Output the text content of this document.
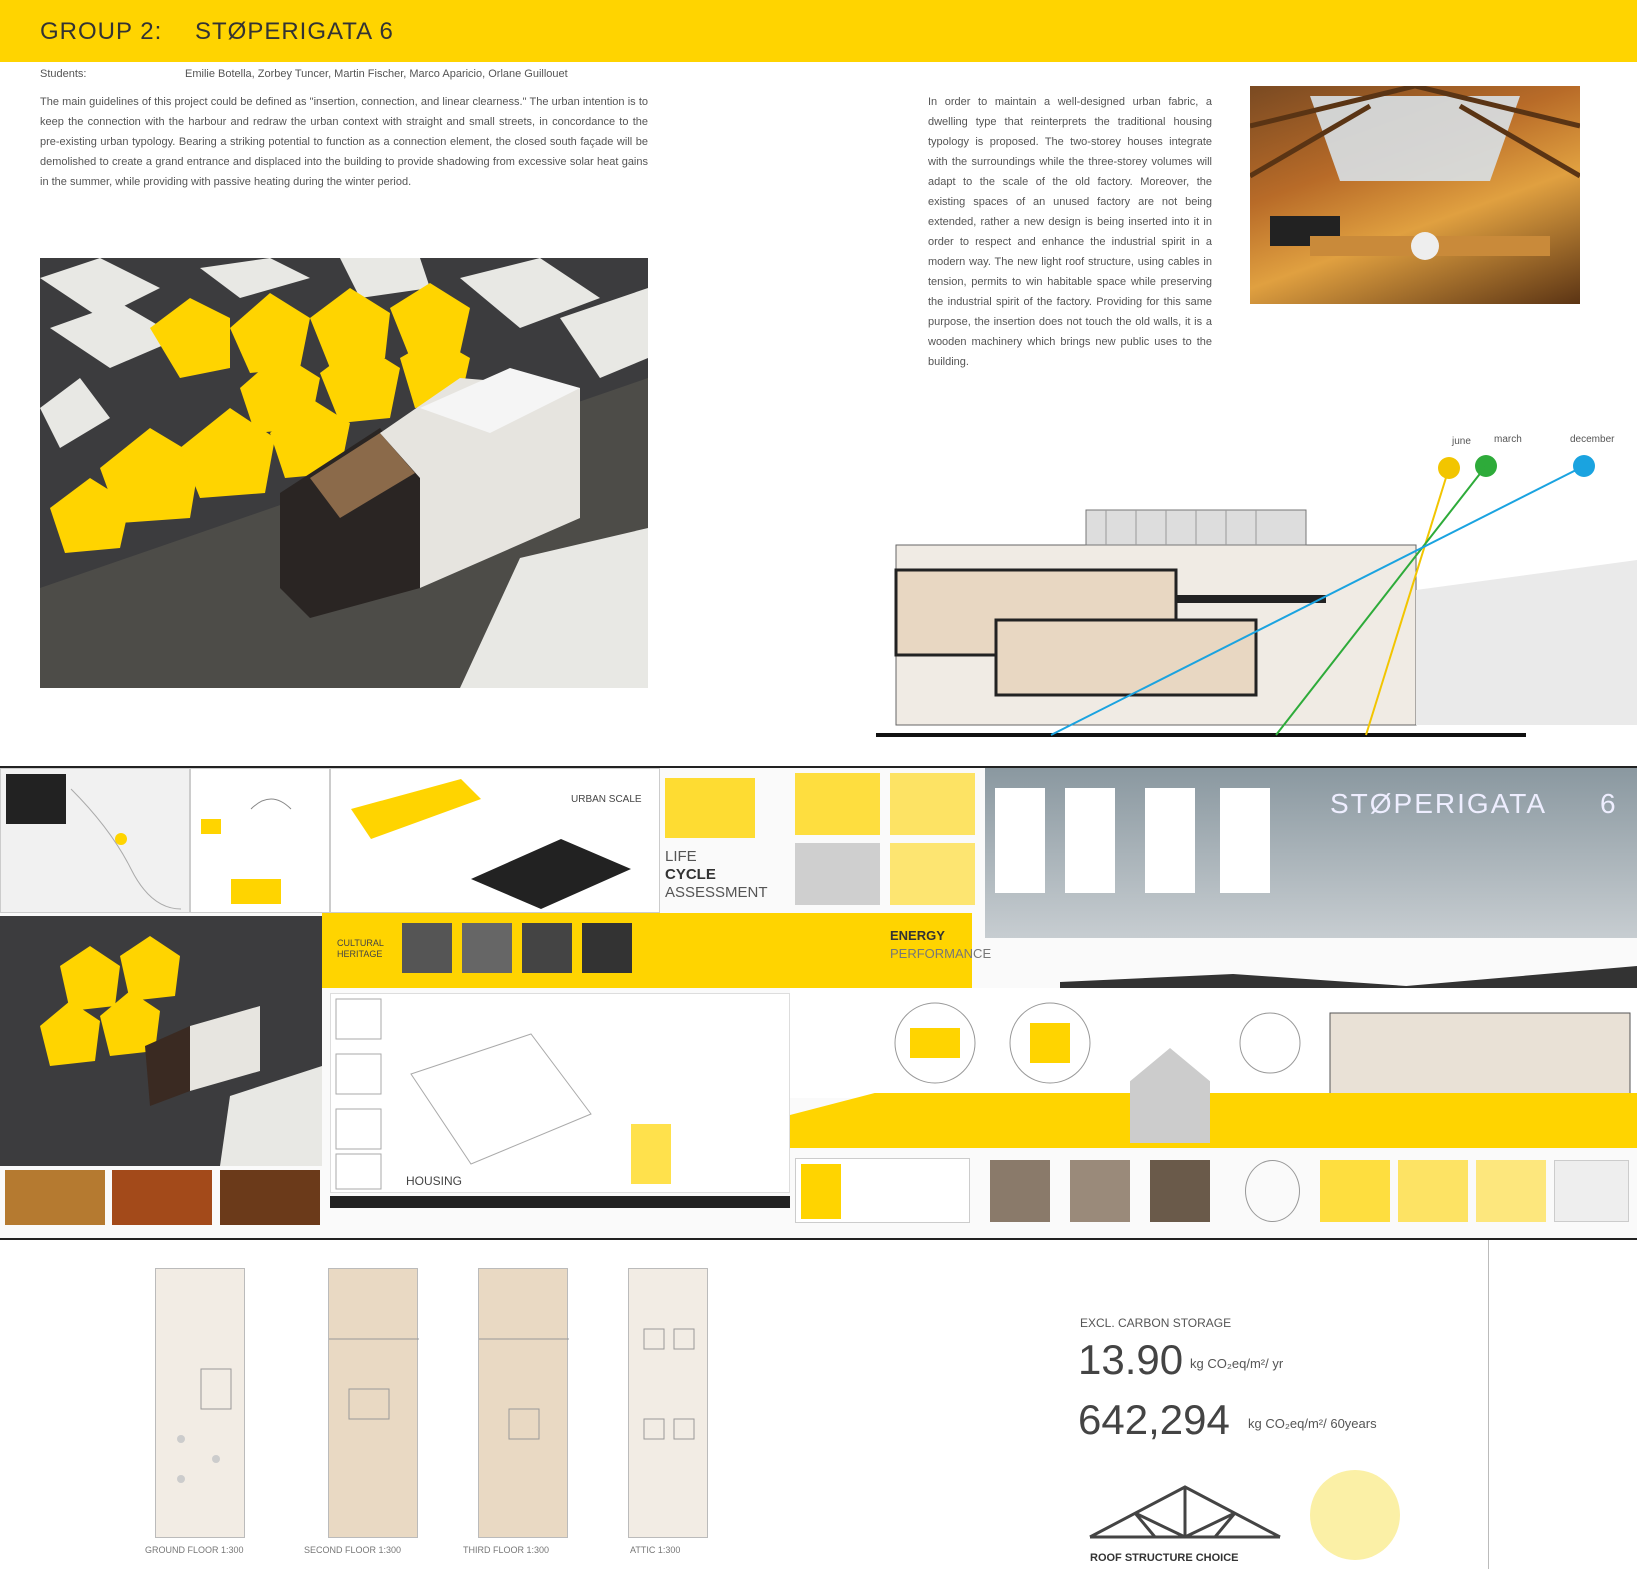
GROUP 2: STØPERIGATA 6
Students:	Emilie Botella, Zorbey Tuncer, Martin Fischer, Marco Aparicio, Orlane Guillouet
The main guidelines of this project could be defined as "insertion, connection, and linear clearness." The urban intention is to keep the connection with the harbour and redraw the urban context with straight and small streets, in concordance to the pre-existing urban typology. Bearing a striking potential to function as a connection element, the closed south façade will be demolished to create a grand entrance and displaced into the building to provide shadowing from excessive solar heat gains in the summer, while providing with passive heating during the winter period.
In order to maintain a well-designed urban fabric, a dwelling type that reinterprets the traditional housing typology is proposed. The two-storey houses integrate with the surroundings while the three-storey volumes will adapt to the scale of the old factory. Moreover, the existing spaces of an unused factory are not being extended, rather a new design is being inserted into it in order to respect and enhance the industrial spirit in a modern way. The new light roof structure, using cables in tension, permits to win habitable space while preserving the industrial spirit of the factory. Providing for this same purpose, the insertion does not touch the old walls, it is a wooden machinery which brings new public uses to the building.
june march	december
URBAN SCALE
LIFE
CYCLE
ASSESSMENT
STØPERIGATA 6
CULTURAL
HERITAGE
ENERGY
PERFORMANCE
HOUSING
GROUND FLOOR 1:300	SECOND FLOOR 1:300	THIRD FLOOR 1:300	ATTIC 1:300
EXCL. CARBON STORAGE
13.90 kg CO₂eq/m²/ yr
642,294 kg CO₂eq/m²/ 60years
ROOF STRUCTURE CHOICE
